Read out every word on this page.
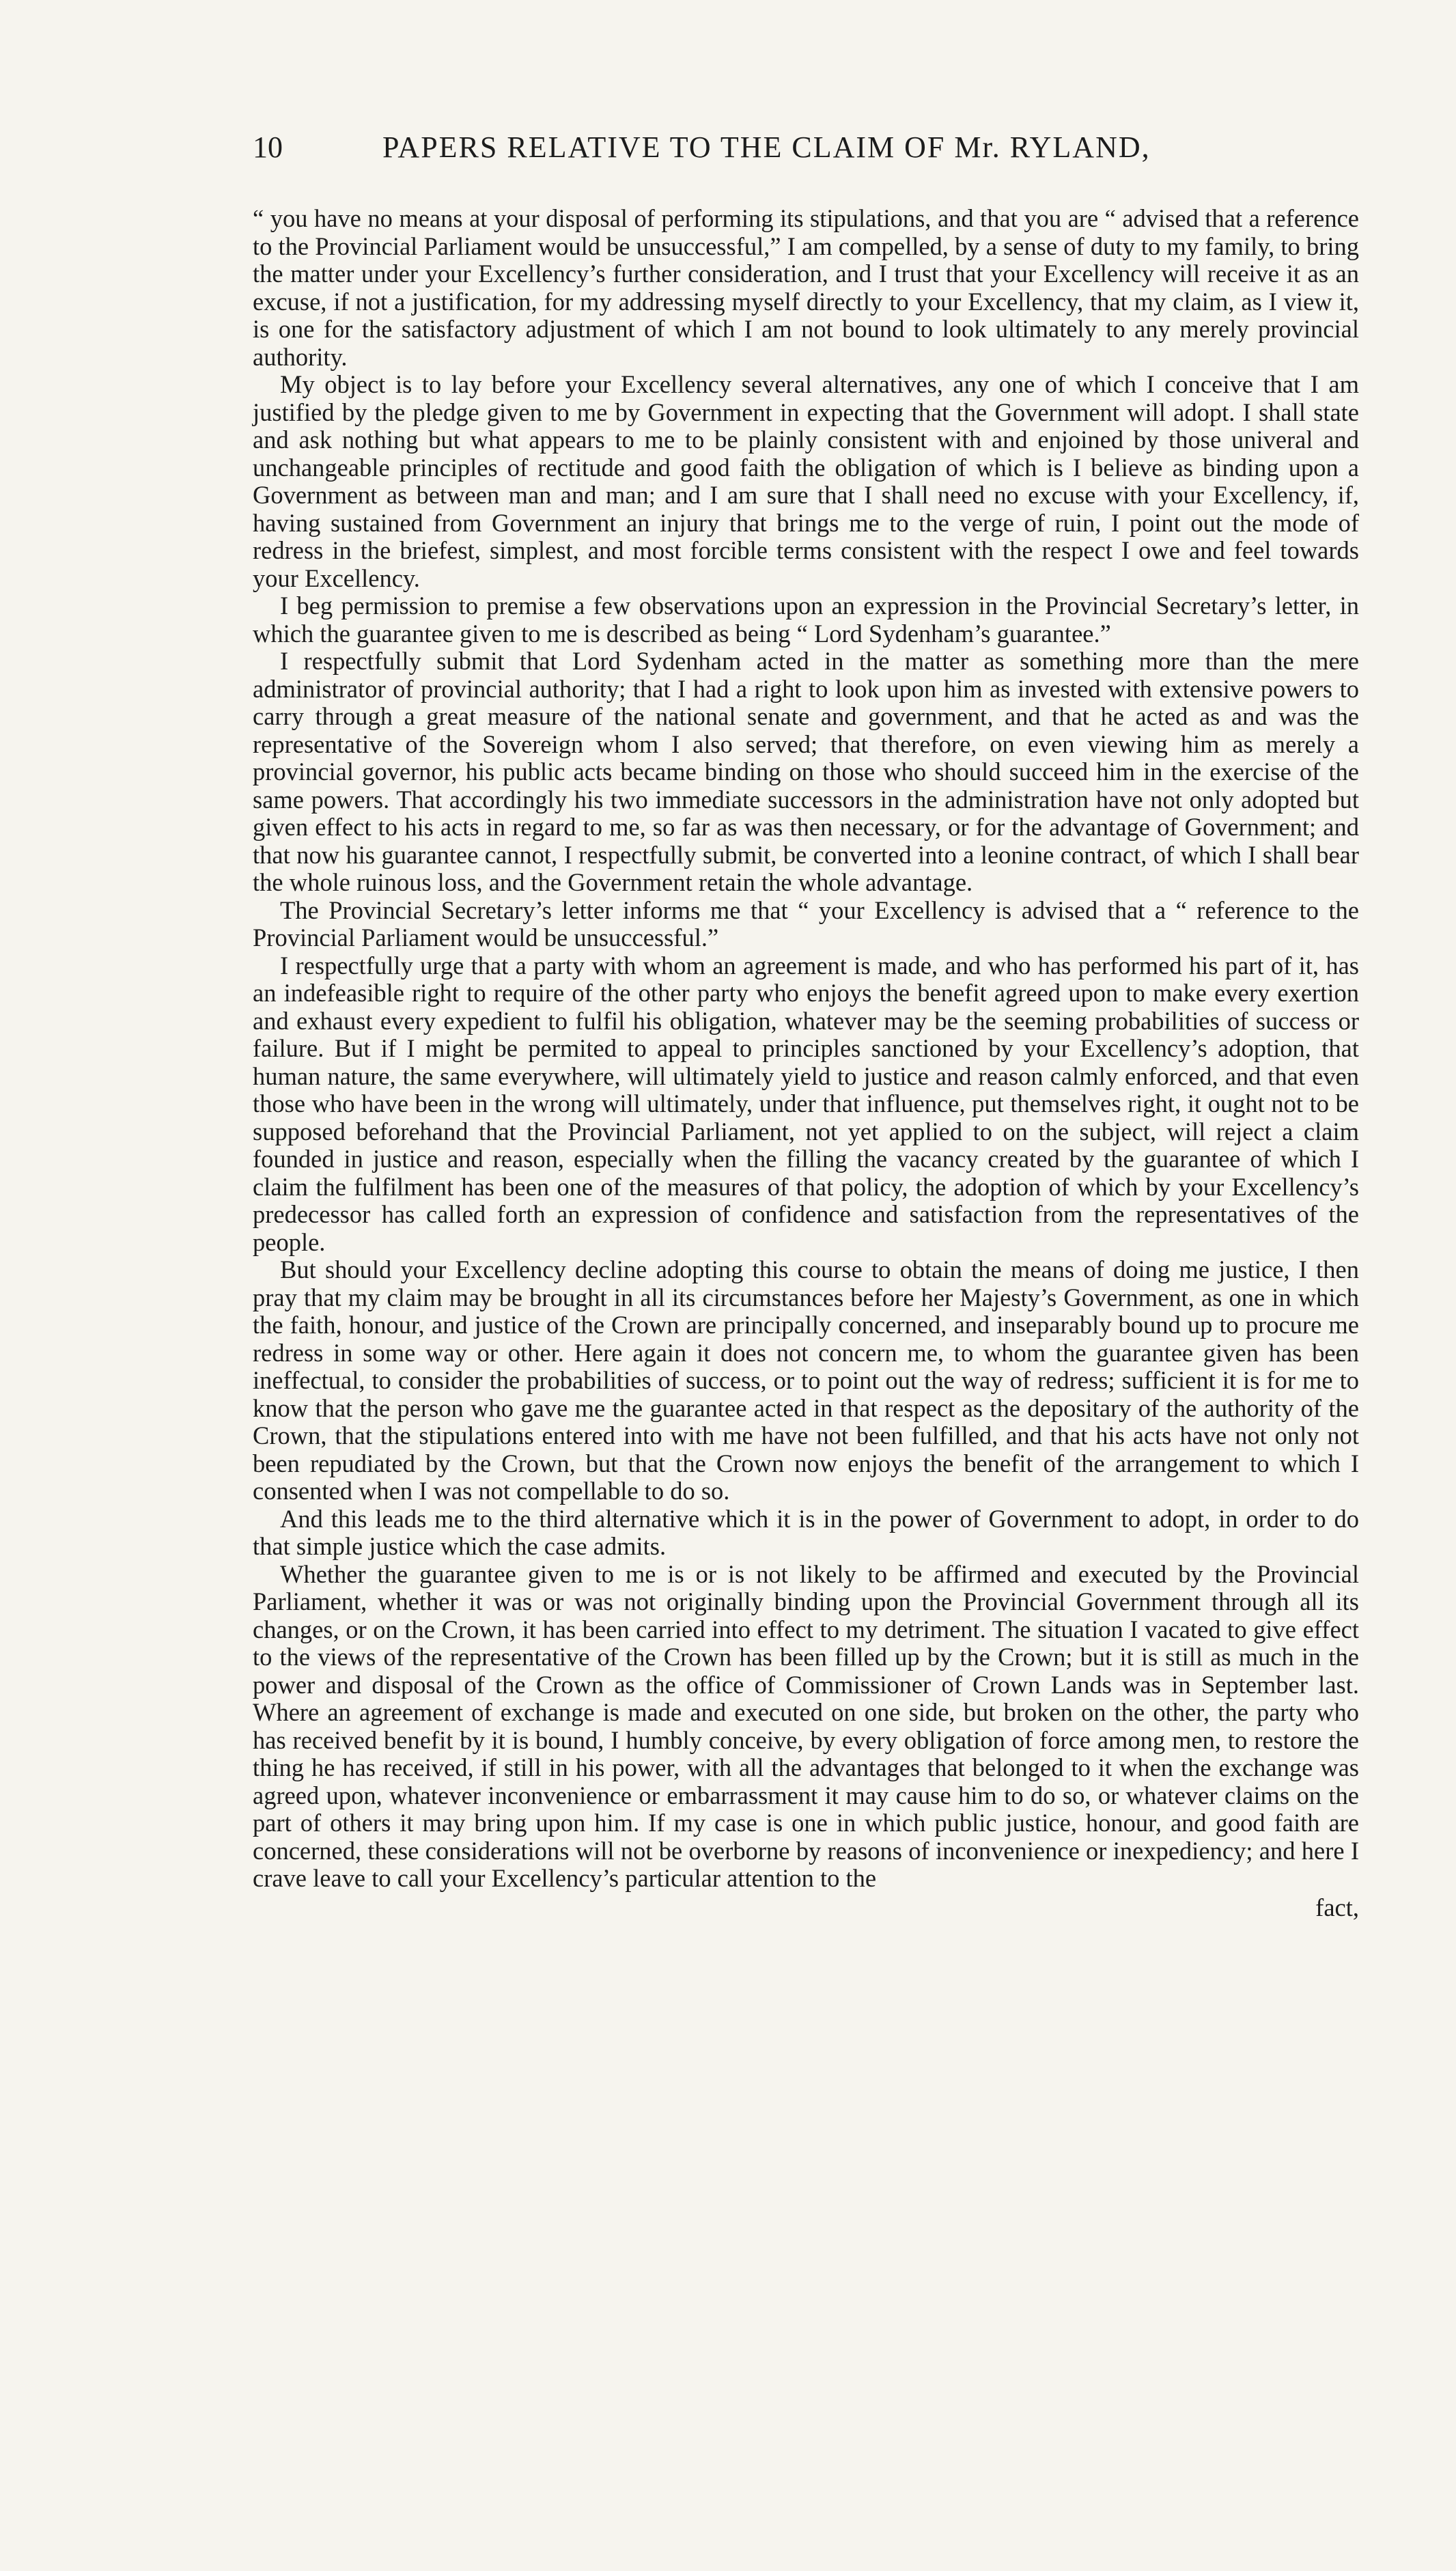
10	PAPERS RELATIVE TO THE CLAIM OF Mr. RYLAND,

“ you have no means at your disposal of performing its stipulations, and that you are “ advised that a reference to the Provincial Parliament would be unsuccessful,” I am compelled, by a sense of duty to my family, to bring the matter under your Excellency’s further consideration, and I trust that your Excellency will receive it as an excuse, if not a justification, for my addressing myself directly to your Excellency, that my claim, as I view it, is one for the satisfactory adjustment of which I am not bound to look ultimately to any merely provincial authority.

My object is to lay before your Excellency several alternatives, any one of which I conceive that I am justified by the pledge given to me by Government in expecting that the Government will adopt. I shall state and ask nothing but what appears to me to be plainly consistent with and enjoined by those univeral and unchangeable principles of rectitude and good faith the obligation of which is I believe as binding upon a Government as between man and man; and I am sure that I shall need no excuse with your Excellency, if, having sustained from Government an injury that brings me to the verge of ruin, I point out the mode of redress in the briefest, simplest, and most forcible terms consistent with the respect I owe and feel towards your Excellency.

I beg permission to premise a few observations upon an expression in the Provincial Secretary’s letter, in which the guarantee given to me is described as being “ Lord Sydenham’s guarantee.”

I respectfully submit that Lord Sydenham acted in the matter as something more than the mere administrator of provincial authority; that I had a right to look upon him as invested with extensive powers to carry through a great measure of the national senate and government, and that he acted as and was the representative of the Sovereign whom I also served; that therefore, on even viewing him as merely a provincial governor, his public acts became binding on those who should succeed him in the exercise of the same powers. That accordingly his two immediate successors in the administration have not only adopted but given effect to his acts in regard to me, so far as was then necessary, or for the advantage of Government; and that now his guarantee cannot, I respectfully submit, be converted into a leonine contract, of which I shall bear the whole ruinous loss, and the Government retain the whole advantage.

The Provincial Secretary’s letter informs me that “ your Excellency is advised that a “ reference to the Provincial Parliament would be unsuccessful.”

I respectfully urge that a party with whom an agreement is made, and who has performed his part of it, has an indefeasible right to require of the other party who enjoys the benefit agreed upon to make every exertion and exhaust every expedient to fulfil his obligation, whatever may be the seeming probabilities of success or failure. But if I might be permited to appeal to principles sanctioned by your Excellency’s adoption, that human nature, the same everywhere, will ultimately yield to justice and reason calmly enforced, and that even those who have been in the wrong will ultimately, under that influence, put themselves right, it ought not to be supposed beforehand that the Provincial Parliament, not yet applied to on the subject, will reject a claim founded in justice and reason, especially when the filling the vacancy created by the guarantee of which I claim the fulfilment has been one of the measures of that policy, the adoption of which by your Excellency’s predecessor has called forth an expression of confidence and satisfaction from the representatives of the people.

But should your Excellency decline adopting this course to obtain the means of doing me justice, I then pray that my claim may be brought in all its circumstances before her Majesty’s Government, as one in which the faith, honour, and justice of the Crown are principally concerned, and inseparably bound up to procure me redress in some way or other. Here again it does not concern me, to whom the guarantee given has been ineffectual, to consider the probabilities of success, or to point out the way of redress; sufficient it is for me to know that the person who gave me the guarantee acted in that respect as the depositary of the authority of the Crown, that the stipulations entered into with me have not been fulfilled, and that his acts have not only not been repudiated by the Crown, but that the Crown now enjoys the benefit of the arrangement to which I consented when I was not compellable to do so.

And this leads me to the third alternative which it is in the power of Government to adopt, in order to do that simple justice which the case admits.

Whether the guarantee given to me is or is not likely to be affirmed and executed by the Provincial Parliament, whether it was or was not originally binding upon the Provincial Government through all its changes, or on the Crown, it has been carried into effect to my detriment. The situation I vacated to give effect to the views of the representative of the Crown has been filled up by the Crown; but it is still as much in the power and disposal of the Crown as the office of Commissioner of Crown Lands was in September last. Where an agreement of exchange is made and executed on one side, but broken on the other, the party who has received benefit by it is bound, I humbly conceive, by every obligation of force among men, to restore the thing he has received, if still in his power, with all the advantages that belonged to it when the exchange was agreed upon, whatever inconvenience or embarrassment it may cause him to do so, or whatever claims on the part of others it may bring upon him. If my case is one in which public justice, honour, and good faith are concerned, these considerations will not be overborne by reasons of inconvenience or inexpediency; and here I crave leave to call your Excellency’s particular attention to the

fact,
